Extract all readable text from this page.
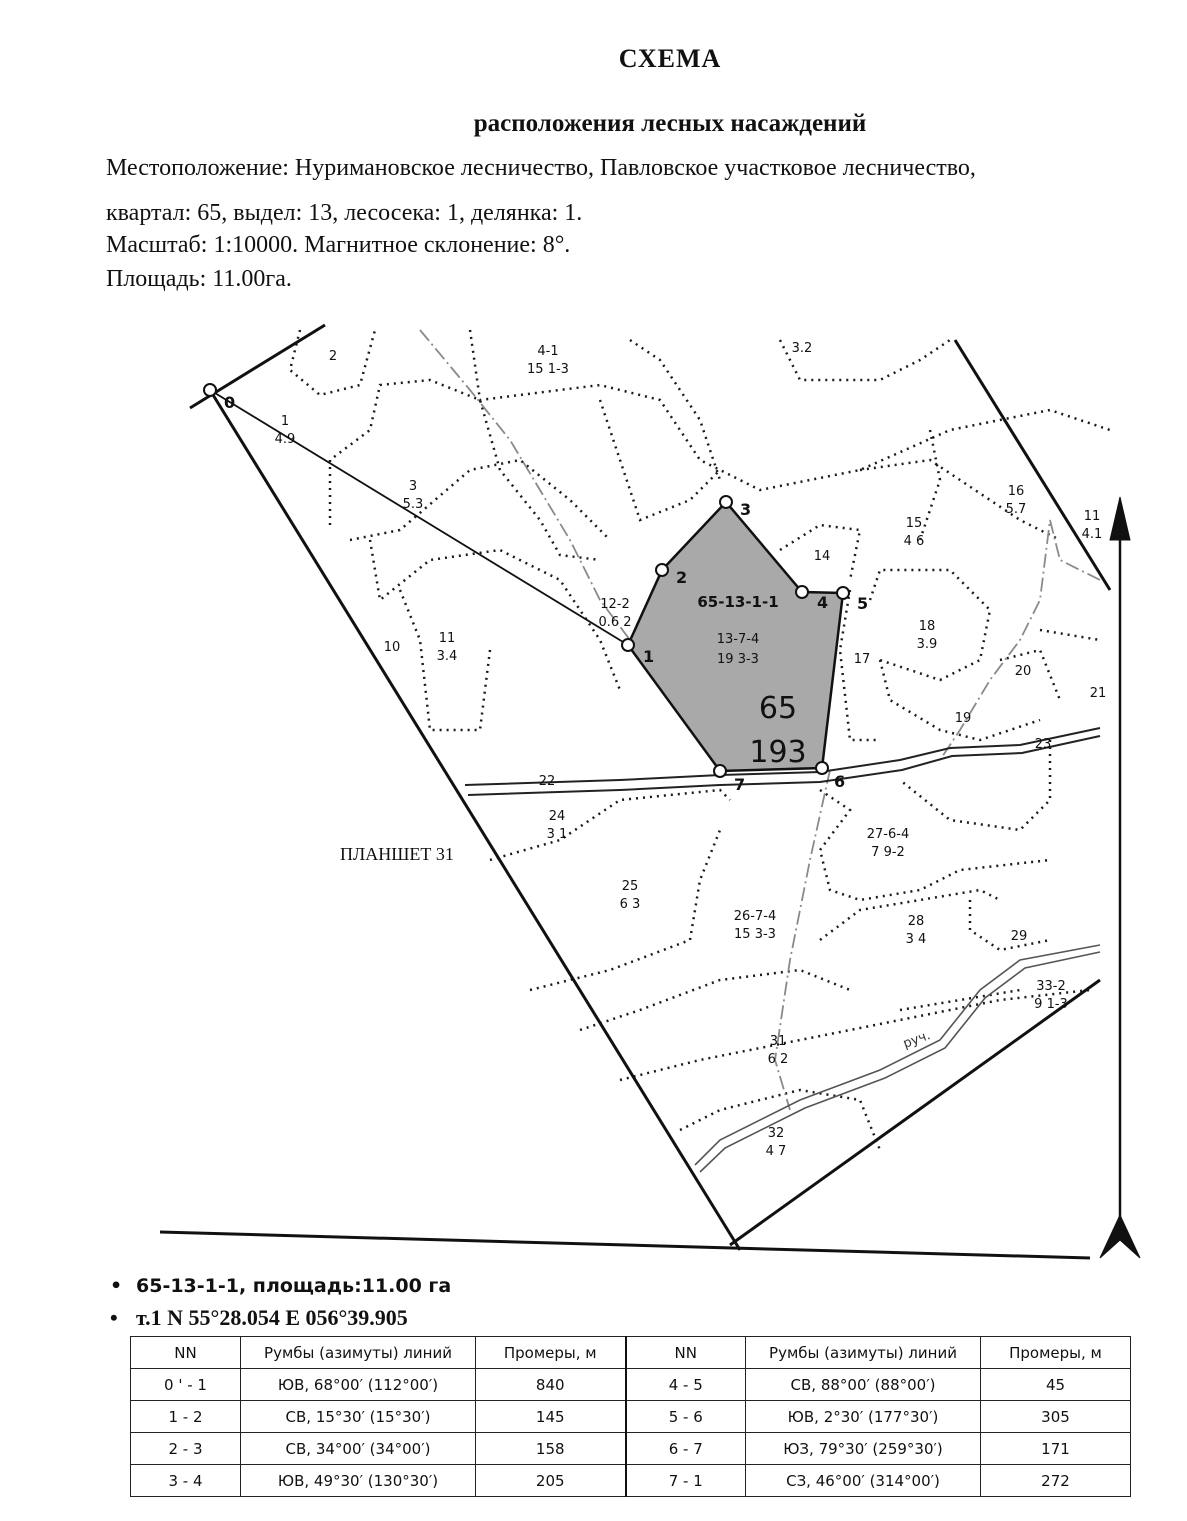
СХЕМА
расположения лесных насаждений
Местоположение: Нуримановское лесничество, Павловское участковое лесничество,
квартал: 65, выдел: 13, лесосека: 1, делянка: 1.
Масштаб: 1:10000. Магнитное склонение: 8°.
Площадь: 11.00га.
0
1
2
3
4 5
6
7
65-13-1-1
13-7-4
19 3-3
65
193
2	4-1 15 1-3
3.2
1 4.9
3 5.3
16 5.7	11 4.1
15 4 6
14
12-2 0.6 2	18 3.9
11 3.4
10
17
20
21
19
23
22
24 3 1	27-6-4 7 9-2
25 6 3
26-7-4 15 3-3
28 3 4	29
33-2 9 1-3
31 6 2
32 4 7
ПЛАНШЕТ 31
руч.
• 65-13-1-1, площадь:11.00 га
• т.1 N 55°28.054 E 056°39.905
NN	Румбы (азимуты) линий	Промеры, м	NN	Румбы (азимуты) линий	Промеры, м
0 ' - 1	ЮВ, 68°00′ (112°00′)	840	4 - 5	СВ, 88°00′ (88°00′)	45
1 - 2	СВ, 15°30′ (15°30′)	145	5 - 6	ЮВ, 2°30′ (177°30′)	305
2 - 3	СВ, 34°00′ (34°00′)	158	6 - 7	ЮЗ, 79°30′ (259°30′)	171
3 - 4	ЮВ, 49°30′ (130°30′)	205	7 - 1	СЗ, 46°00′ (314°00′)	272
